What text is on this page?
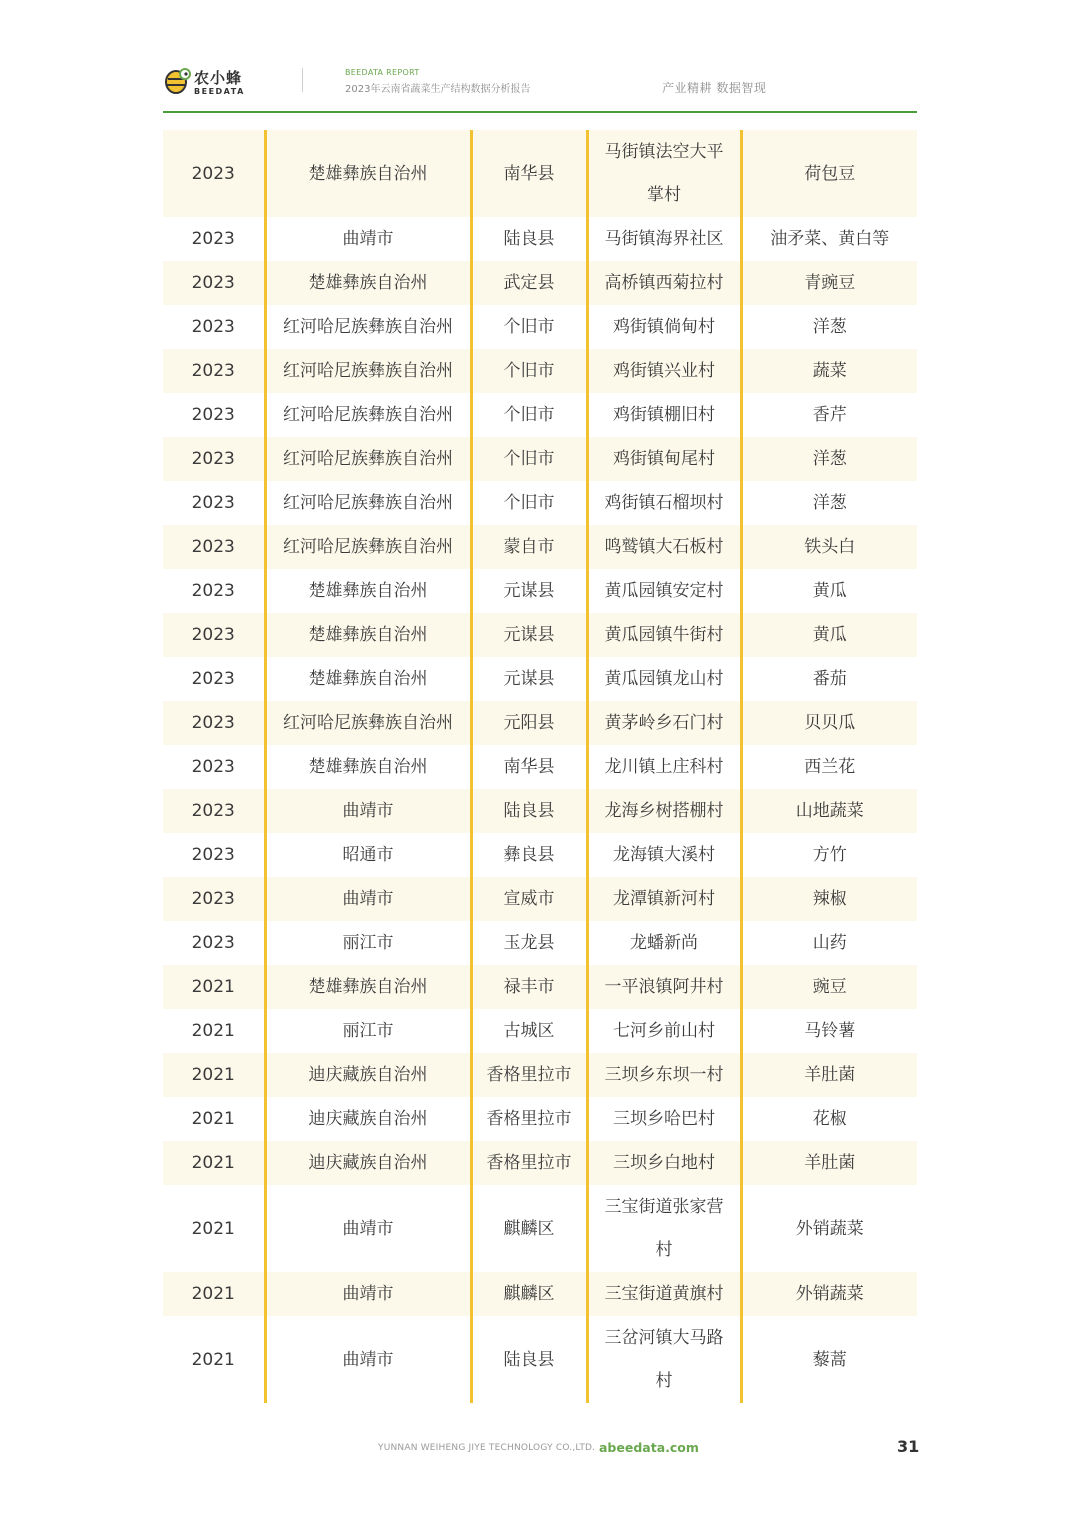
农小蜂
BEEDATA
BEEDATA REPORT
2023年云南省蔬菜生产结构数据分析报告	产业精耕 数据智现
2023	楚雄彝族自治州	南华县	马街镇法空大平掌村	荷包豆
2023	曲靖市	陆良县	马街镇海界社区	油矛菜、黄白等
2023	楚雄彝族自治州	武定县	高桥镇西菊拉村	青豌豆
2023	红河哈尼族彝族自治州	个旧市	鸡街镇倘甸村	洋葱
2023	红河哈尼族彝族自治州	个旧市	鸡街镇兴业村	蔬菜
2023	红河哈尼族彝族自治州	个旧市	鸡街镇棚旧村	香芹
2023	红河哈尼族彝族自治州	个旧市	鸡街镇甸尾村	洋葱
2023	红河哈尼族彝族自治州	个旧市	鸡街镇石榴坝村	洋葱
2023	红河哈尼族彝族自治州	蒙自市	鸣鹫镇大石板村	铁头白
2023	楚雄彝族自治州	元谋县	黄瓜园镇安定村	黄瓜
2023	楚雄彝族自治州	元谋县	黄瓜园镇牛街村	黄瓜
2023	楚雄彝族自治州	元谋县	黄瓜园镇龙山村	番茄
2023	红河哈尼族彝族自治州	元阳县	黄茅岭乡石门村	贝贝瓜
2023	楚雄彝族自治州	南华县	龙川镇上庄科村	西兰花
2023	曲靖市	陆良县	龙海乡树搭棚村	山地蔬菜
2023	昭通市	彝良县	龙海镇大溪村	方竹
2023	曲靖市	宣威市	龙潭镇新河村	辣椒
2023	丽江市	玉龙县	龙蟠新尚	山药
2021	楚雄彝族自治州	禄丰市	一平浪镇阿井村	豌豆
2021	丽江市	古城区	七河乡前山村	马铃薯
2021	迪庆藏族自治州	香格里拉市	三坝乡东坝一村	羊肚菌
2021	迪庆藏族自治州	香格里拉市	三坝乡哈巴村	花椒
2021	迪庆藏族自治州	香格里拉市	三坝乡白地村	羊肚菌
2021	曲靖市	麒麟区	三宝街道张家营村	外销蔬菜
2021	曲靖市	麒麟区	三宝街道黄旗村	外销蔬菜
2021	曲靖市	陆良县	三岔河镇大马路村	藜蒿
YUNNAN WEIHENG JIYE TECHNOLOGY CO.,LTD. abeedata.com	31
